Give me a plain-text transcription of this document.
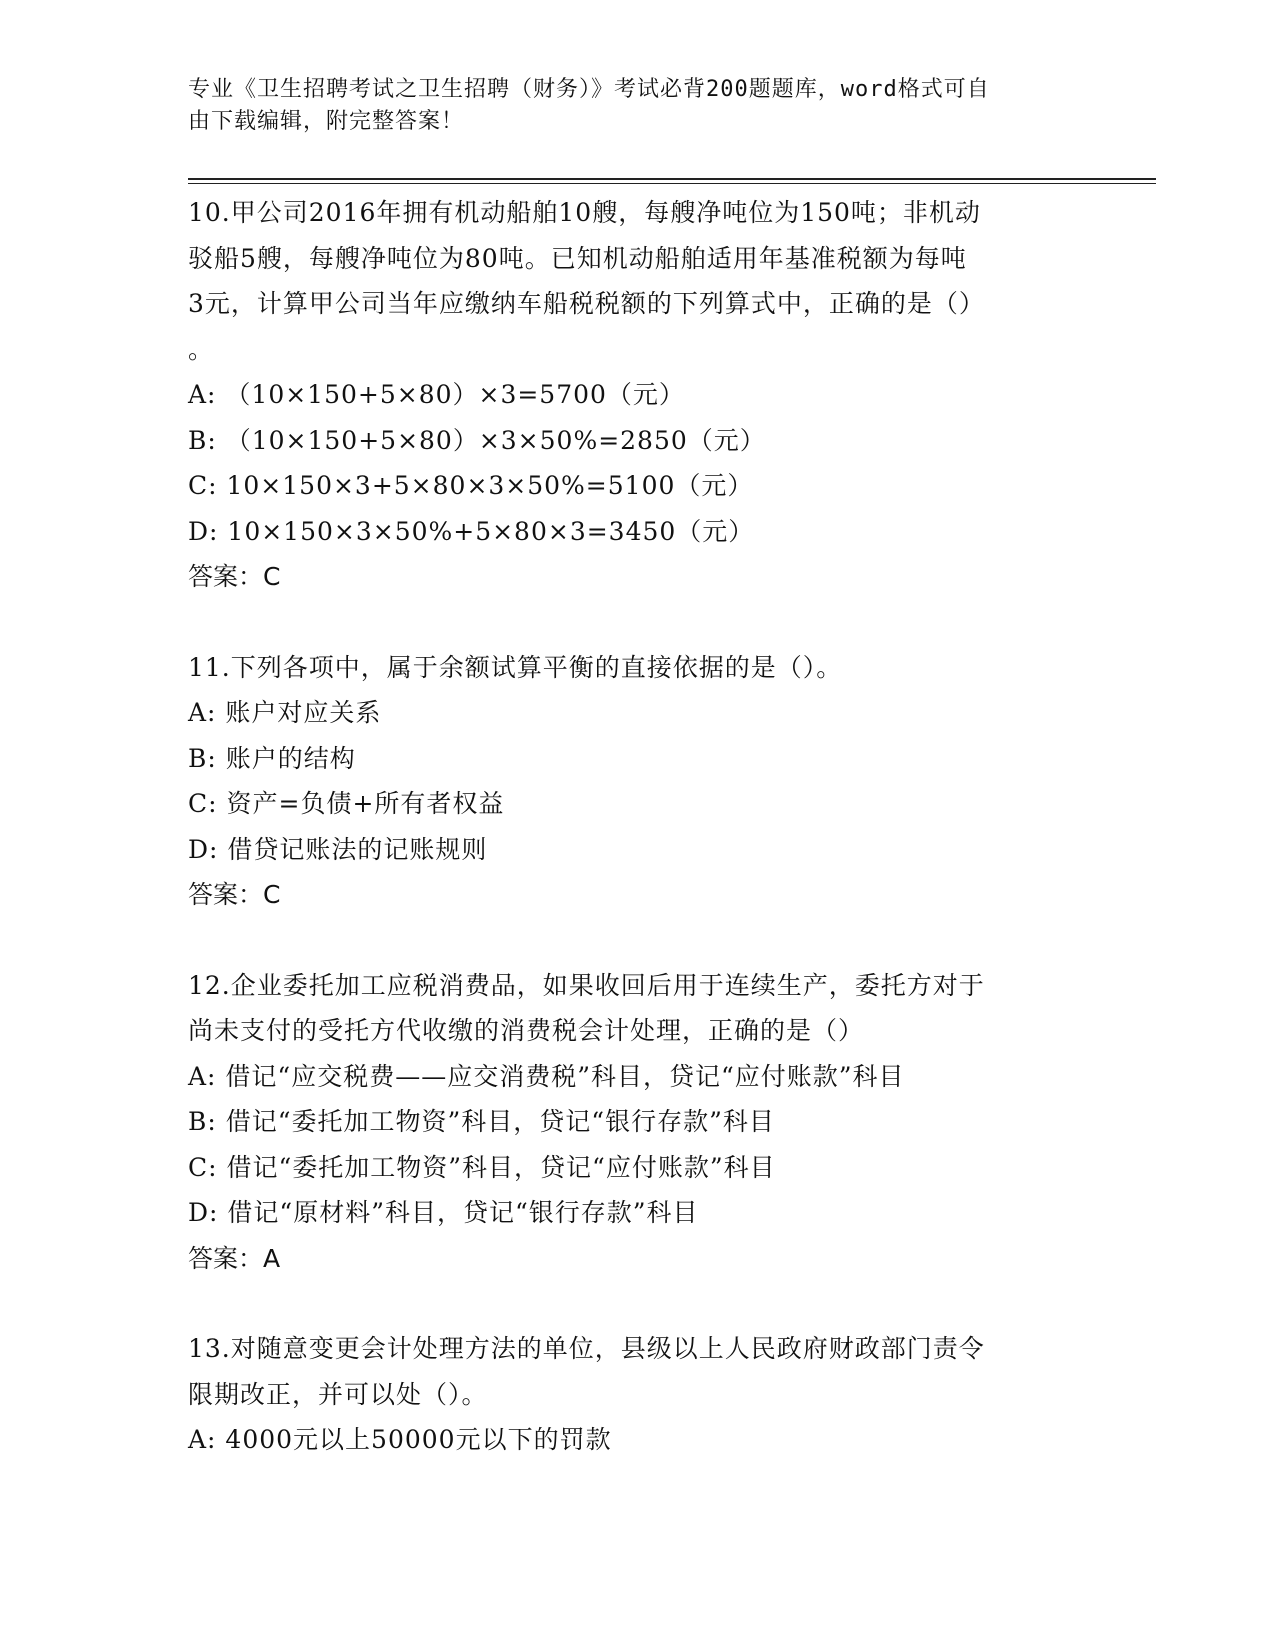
专业《卫生招聘考试之卫生招聘（财务）》考试必背200题题库，word格式可自

由下载编辑，附完整答案！

10.甲公司2016年拥有机动船舶10艘，每艘净吨位为150吨；非机动
驳船5艘，每艘净吨位为80吨。已知机动船舶适用年基准税额为每吨
3元，计算甲公司当年应缴纳车船税税额的下列算式中，正确的是（）
。
A: （10×150+5×80）×3=5700（元）
B: （10×150+5×80）×3×50%=2850（元）
C: 10×150×3+5×80×3×50%=5100（元）
D: 10×150×3×50%+5×80×3=3450（元）
答案：C
11.下列各项中，属于余额试算平衡的直接依据的是（）。
A: 账户对应关系
B: 账户的结构
C: 资产=负债+所有者权益
D: 借贷记账法的记账规则
答案：C
12.企业委托加工应税消费品，如果收回后用于连续生产，委托方对于
尚未支付的受托方代收缴的消费税会计处理，正确的是（）
A: 借记“应交税费——应交消费税”科目，贷记“应付账款”科目
B: 借记“委托加工物资”科目，贷记“银行存款”科目
C: 借记“委托加工物资”科目，贷记“应付账款”科目
D: 借记“原材料”科目，贷记“银行存款”科目
答案：A
13.对随意变更会计处理方法的单位，县级以上人民政府财政部门责令
限期改正，并可以处（）。
A: 4000元以上50000元以下的罚款
